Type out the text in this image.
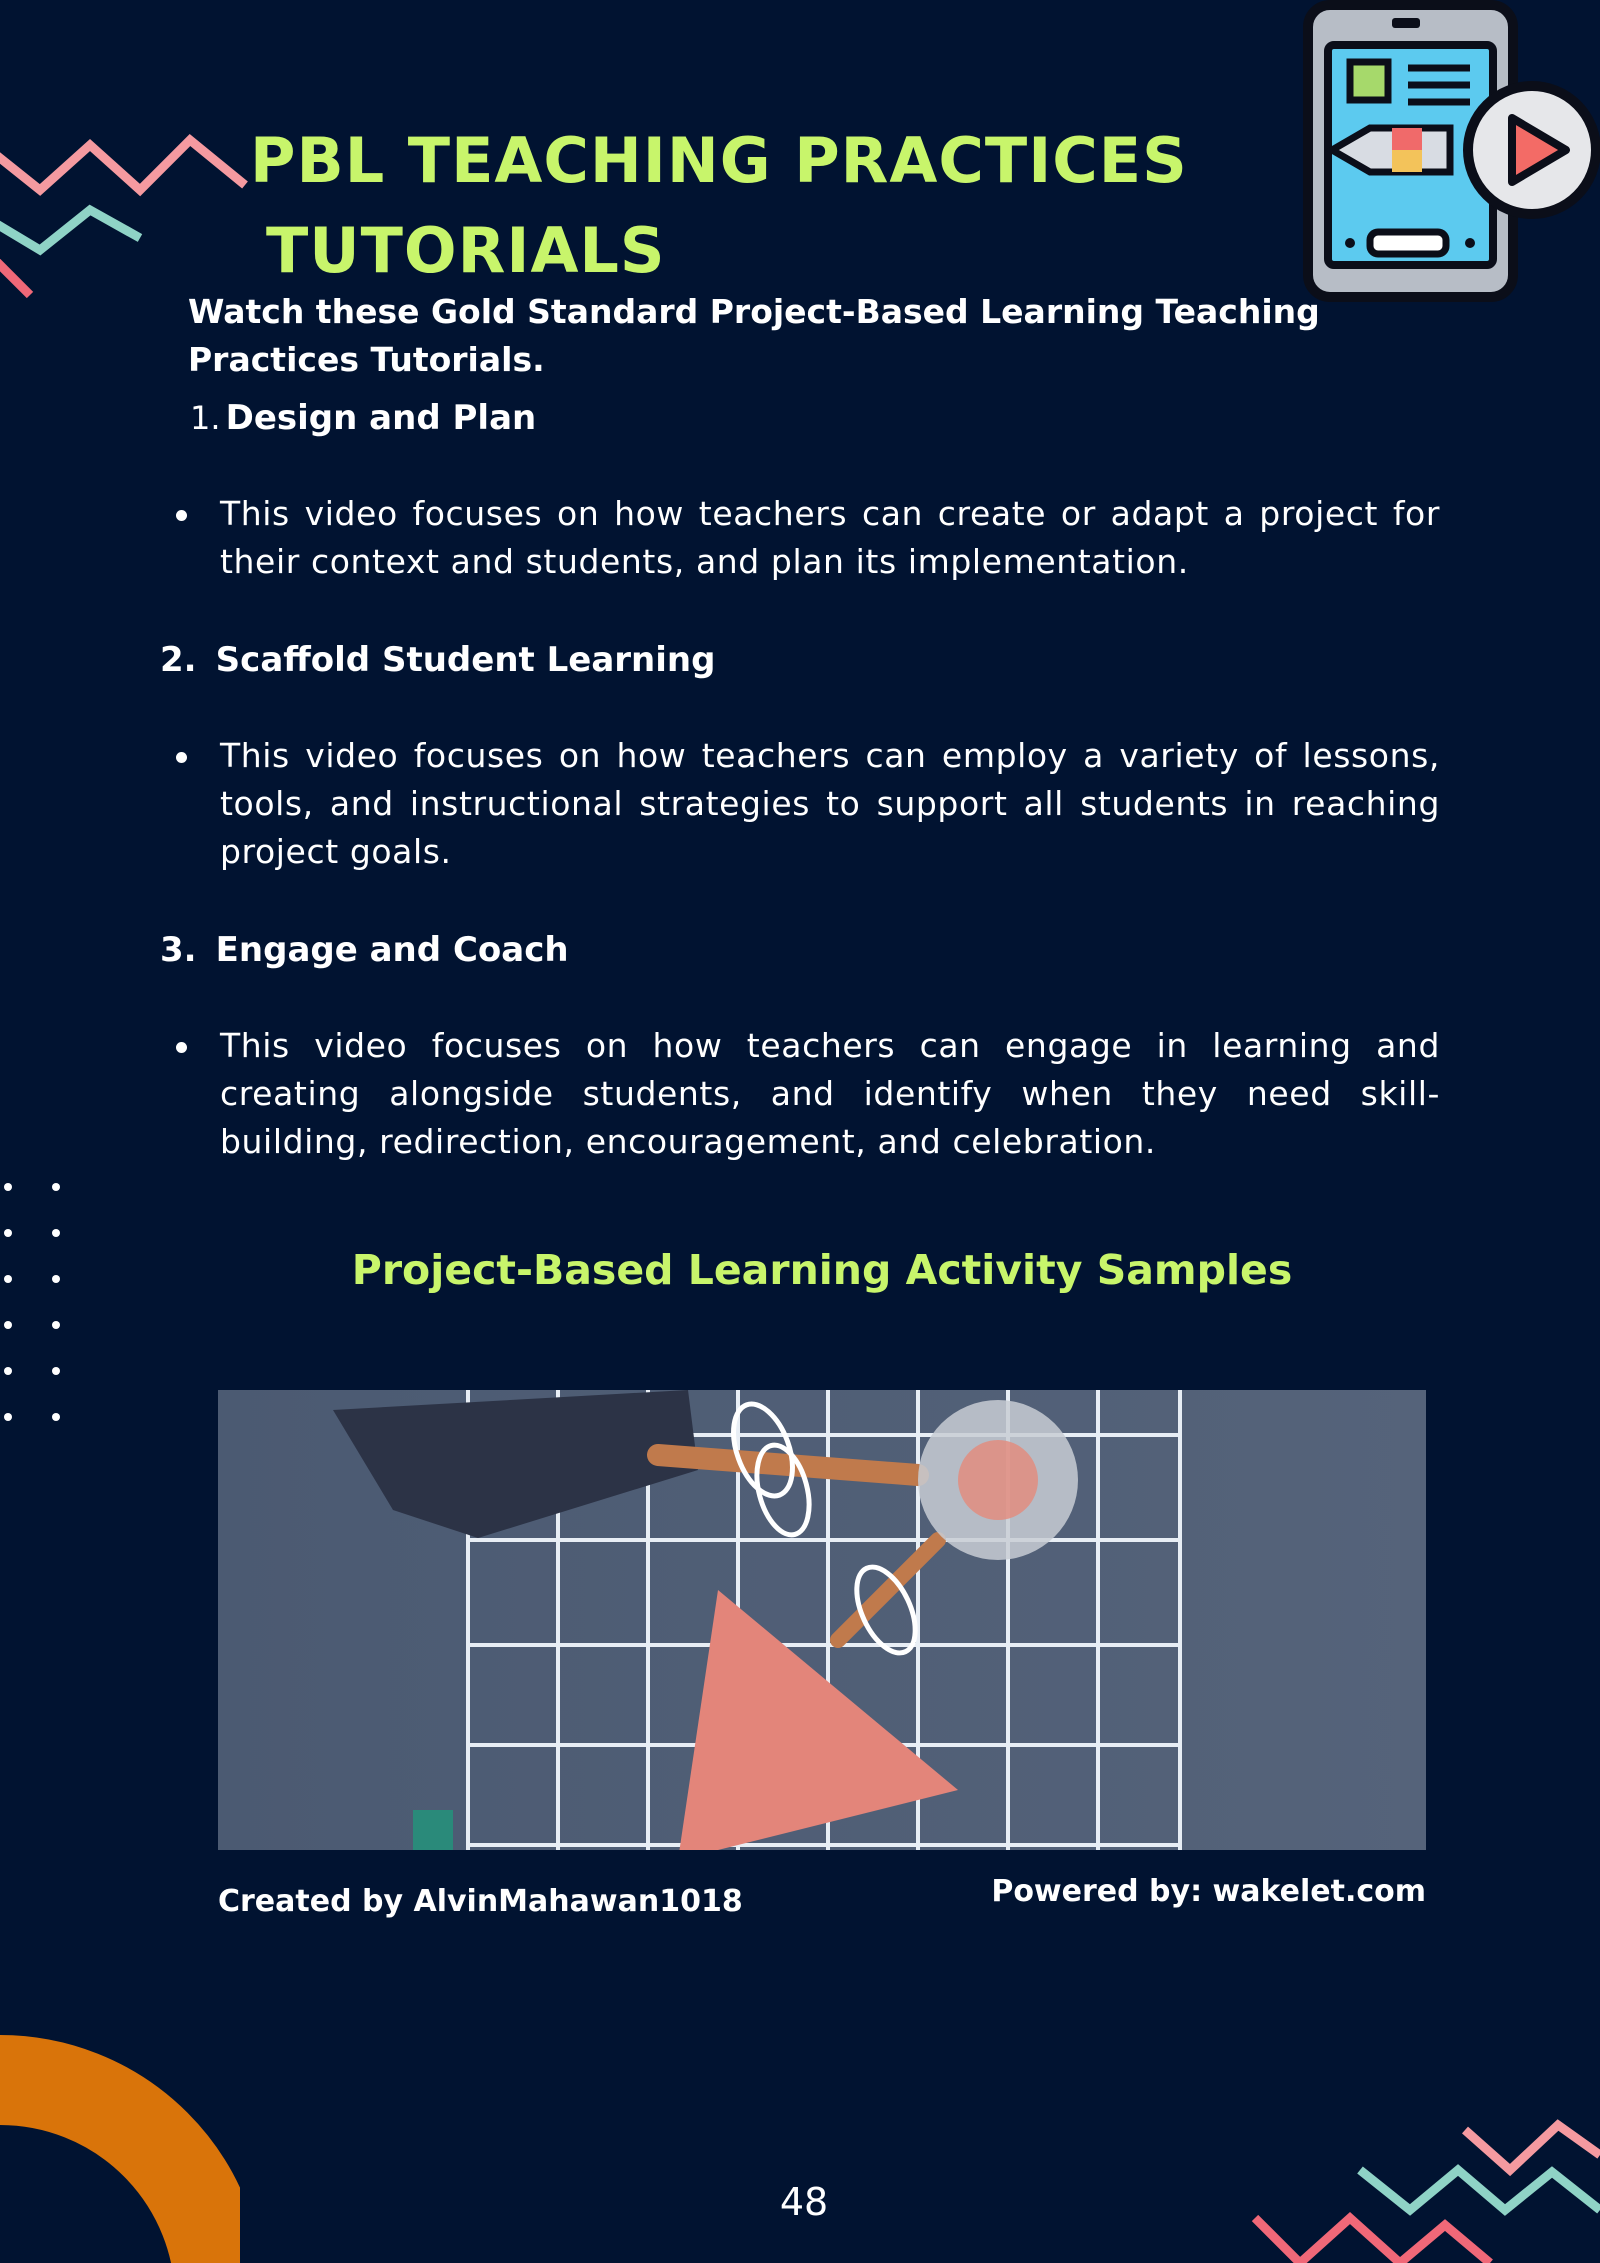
PBL TEACHING PRACTICES
TUTORIALS

Watch these Gold Standard Project-Based Learning Teaching Practices Tutorials.

1. Design and Plan

This video focuses on how teachers can create or adapt a project for their context and students, and plan its implementation.

2. Scaffold Student Learning

This video focuses on how teachers can employ a variety of lessons, tools, and instructional strategies to support all students in reaching project goals.

3. Engage and Coach

This video focuses on how teachers can engage in learning and creating alongside students, and identify when they need skill-building, redirection, encouragement, and celebration.

Project-Based Learning Activity Samples

Created by AlvinMahawan1018	Powered by: wakelet.com

48
